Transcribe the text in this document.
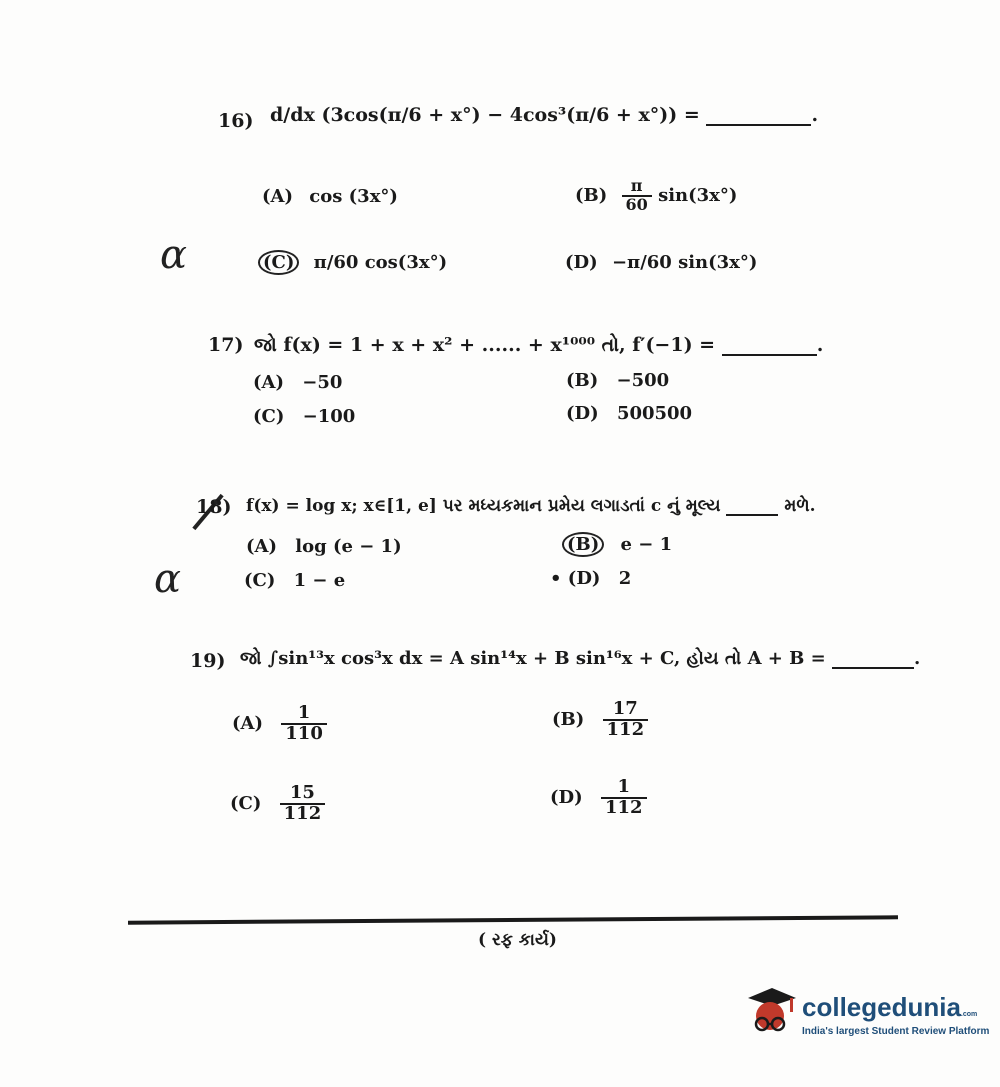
16) d/dx (3cos(π/6 + x°) − 4cos³(π/6 + x°)) =	.
(A) cos (3x°)	$(B) \frac{\pi}{60} \sin(3x^\circ)$
α	(C) π/60 cos(3x°)	(D) −π/60 sin(3x°)
17) જો f(x) = 1 + x + x² + ...... + x¹⁰⁰⁰ તો, f′(−1) =	.
(A) −50	(B) −500
(C) −100	(D) 500500
18) f(x) = log x; x∈[1, e] પર મધ્યકમાન પ્રમેય લગાડતાં c નું મૂલ્ય	મળે.
(A) log (e − 1)	(B) e − 1
α	(C) 1 − e	• (D) 2
19) જો ∫sin¹³x cos³x dx = A sin¹⁴x + B sin¹⁶x + C, હોય તો A + B =	.
$(A) \frac{1}{110}$	$(B) \frac{17}{112}$
$(C) \frac{15}{112}$	$(D) \frac{1}{112}$
( રફ કાર્ય)
collegedunia.com
India's largest Student Review Platform
